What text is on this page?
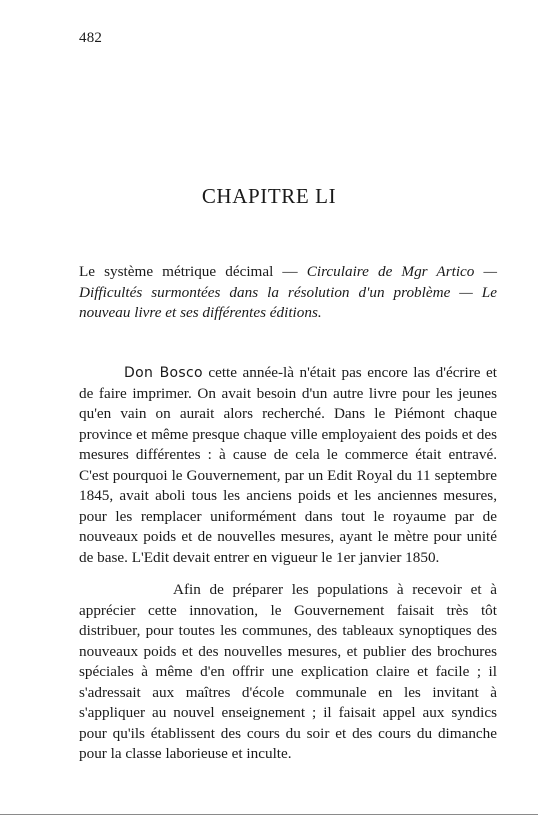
482
CHAPITRE LI
Le système métrique décimal — Circulaire de Mgr Artico — Difficultés surmontées dans la résolution d'un problème — Le nouveau livre et ses différentes éditions.
Don Bosco cette année-là n'était pas encore las d'écrire et de faire imprimer. On avait besoin d'un autre livre pour les jeunes qu'en vain on aurait alors recherché. Dans le Piémont chaque province et même presque chaque ville employaient des poids et des mesures différentes : à cause de cela le commerce était entravé. C'est pourquoi le Gouvernement, par un Edit Royal du 11 septembre 1845, avait aboli tous les anciens poids et les anciennes mesures, pour les remplacer uniformément dans tout le royaume par de nouveaux poids et de nouvelles mesures, ayant le mètre pour unité de base. L'Edit devait entrer en vigueur le 1er janvier 1850.
Afin de préparer les populations à recevoir et à apprécier cette innovation, le Gouvernement faisait très tôt distribuer, pour toutes les communes, des tableaux synoptiques des nouveaux poids et des nouvelles mesures, et publier des brochures spéciales à même d'en offrir une explication claire et facile ; il s'adressait aux maîtres d'école communale en les invitant à s'appliquer au nouvel enseignement ; il faisait appel aux syndics pour qu'ils établissent des cours du soir et des cours du dimanche pour la classe laborieuse et inculte.
